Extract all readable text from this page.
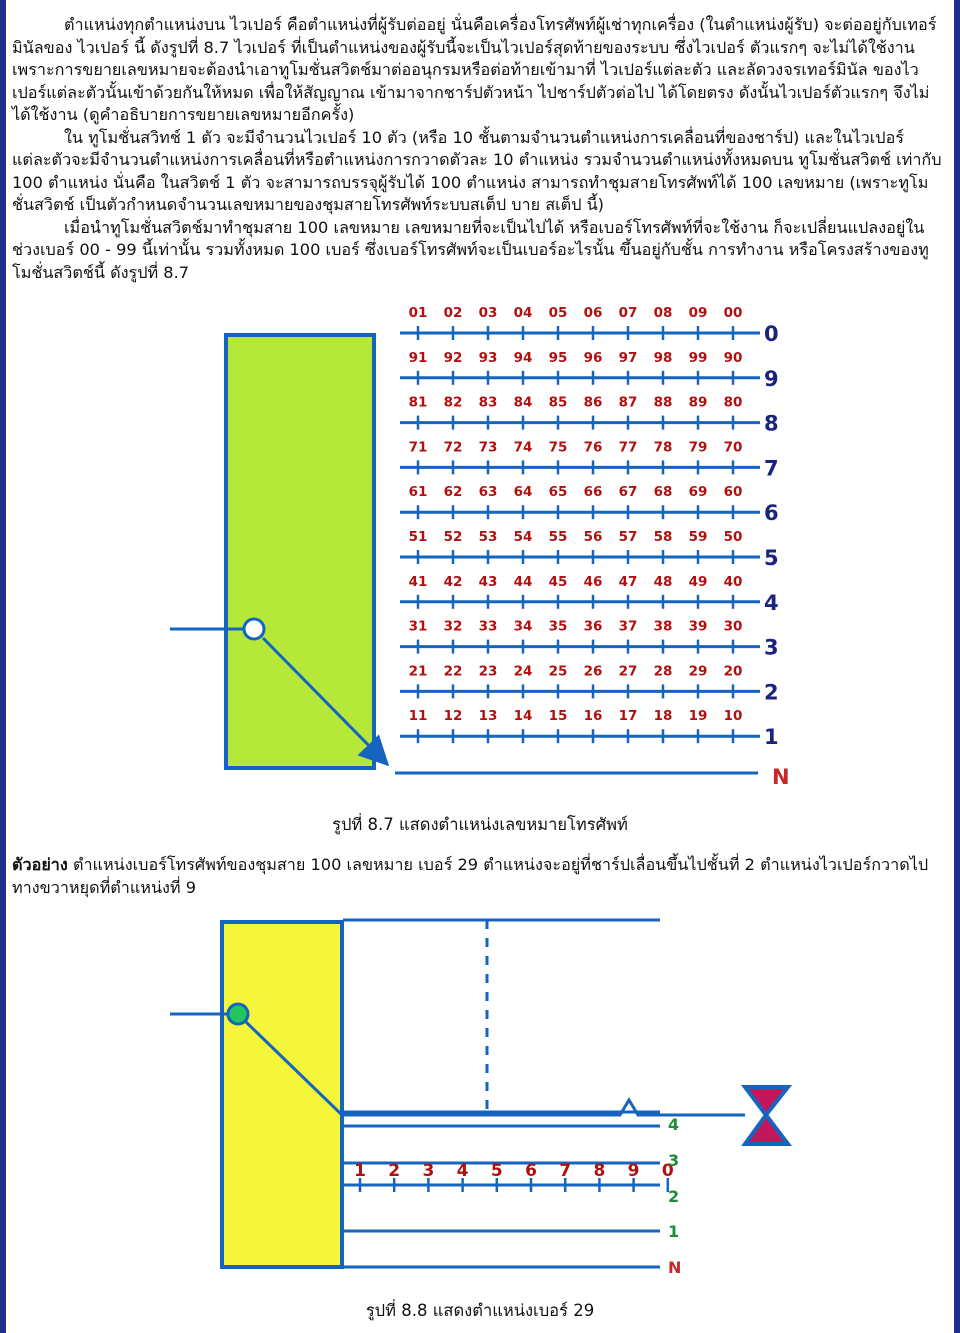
ตำแหน่งทุกตำแหน่งบน ไวเปอร์ คือตำแหน่งที่ผู้รับต่ออยู่ นั่นคือเครื่องโทรศัพท์ผู้เช่าทุกเครื่อง (ในตำแหน่งผู้รับ) จะต่ออยู่กับเทอร์มินัลของ ไวเปอร์ นี้ ดังรูปที่ 8.7 ไวเปอร์ ที่เป็นตำแหน่งของผู้รับนี้จะเป็นไวเปอร์สุดท้ายของระบบ ซึ่งไวเปอร์ ตัวแรกๆ จะไม่ได้ใช้งาน เพราะการขยายเลขหมายจะต้องนำเอาทูโมชั่นสวิตช์มาต่ออนุกรมหรือต่อท้ายเข้ามาที่ ไวเปอร์แต่ละตัว และลัดวงจรเทอร์มินัล ของไวเปอร์แต่ละตัวนั้นเข้าด้วยกันให้หมด เพื่อให้สัญญาณ เข้ามาจากชาร์ปตัวหน้า ไปชาร์ปตัวต่อไป ได้โดยตรง ดังนั้นไวเปอร์ตัวแรกๆ จึงไม่ได้ใช้งาน (ดูคำอธิบายการขยายเลขหมายอีกครั้ง)

ใน ทูโมชั่นสวิทช์ 1 ตัว จะมีจำนวนไวเปอร์ 10 ตัว (หรือ 10 ชั้นตามจำนวนตำแหน่งการเคลื่อนที่ของชาร์ป) และในไวเปอร์ แต่ละตัวจะมีจำนวนตำแหน่งการเคลื่อนที่หรือตำแหน่งการกวาดตัวละ 10 ตำแหน่ง รวมจำนวนตำแหน่งทั้งหมดบน ทูโมชั่นสวิตช์ เท่ากับ 100 ตำแหน่ง นั่นคือ ในสวิตช์ 1 ตัว จะสามารถบรรจุผู้รับได้ 100 ตำแหน่ง สามารถทำชุมสายโทรศัพท์ได้ 100 เลขหมาย (เพราะทูโมชั่นสวิตช์ เป็นตัวกำหนดจำนวนเลขหมายของชุมสายโทรศัพท์ระบบสเต็ป บาย สเต็ป นี้)

เมื่อนำทูโมชั่นสวิตช์มาทำชุมสาย 100 เลขหมาย เลขหมายที่จะเป็นไปได้ หรือเบอร์โทรศัพท์ที่จะใช้งาน ก็จะเปลี่ยนแปลงอยู่ในช่วงเบอร์ 00 - 99 นี้เท่านั้น รวมทั้งหมด 100 เบอร์ ซึ่งเบอร์โทรศัพท์จะเป็นเบอร์อะไรนั้น ขึ้นอยู่กับชั้น การทำงาน หรือโครงสร้างของทูโมชั่นสวิตช์นี้ ดังรูปที่ 8.7

01 02 03 04 05 06 07 08 09 00
0
91 92 93 94 95 96 97 98 99 90
9
81 82 83 84 85 86 87 88 89 80
8
71 72 73 74 75 76 77 78 79 70
7
61 62 63 64 65 66 67 68 69 60
6
51 52 53 54 55 56 57 58 59 50
5
41 42 43 44 45 46 47 48 49 40
4
31 32 33 34 35 36 37 38 39 30
3
21 22 23 24 25 26 27 28 29 20
2
11 12 13 14 15 16 17 18 19 10
1
N
รูปที่ 8.7 แสดงตำแหน่งเลขหมายโทรศัพท์
ตัวอย่าง ตำแหน่งเบอร์โทรศัพท์ของชุมสาย 100 เลขหมาย เบอร์ 29 ตำแหน่งจะอยู่ที่ชาร์ปเลื่อนขึ้นไปชั้นที่ 2 ตำแหน่งไวเปอร์กวาดไปทางขวาหยุดที่ตำแหน่งที่ 9
1 2 3 4 5 6 7 8 9 0
4
3
2
1
N
รูปที่ 8.8 แสดงตำแหน่งเบอร์ 29
